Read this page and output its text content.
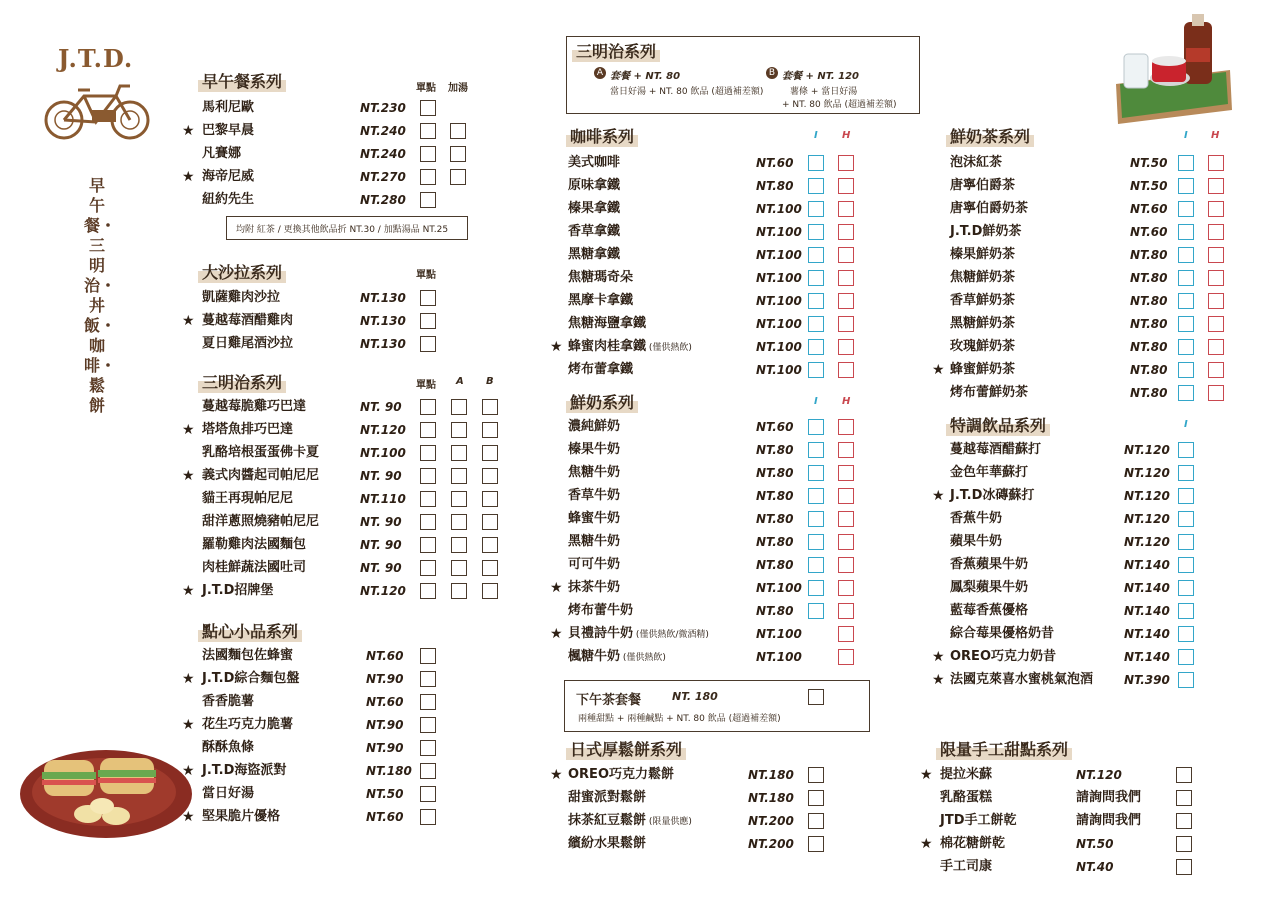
J.T.D.
早午餐・三明治・丼飯・咖啡・鬆餅
早午餐系列	單點 加湯
馬利尼歐	NT.230
★ 巴黎早晨	NT.240
凡賽娜	NT.240
★ 海帝尼威	NT.270
紐約先生	NT.280
均附 紅茶 / 更換其他飲品折 NT.30 / 加點湯品 NT.25
大沙拉系列	單點
凱薩雞肉沙拉	NT.130
★ 蔓越莓酒醋雞肉	NT.130
夏日雞尾酒沙拉	NT.130
三明治系列	單點 A B
蔓越莓脆雞巧巴達	NT. 90
★ 塔塔魚排巧巴達	NT.120
乳酪培根蛋蛋佛卡夏	NT.100
★ 義式肉醬起司帕尼尼	NT. 90
貓王再現帕尼尼	NT.110
甜洋蔥照燒豬帕尼尼	NT. 90
羅勒雞肉法國麵包	NT. 90
肉桂鮮蔬法國吐司	NT. 90
★ J.T.D招牌堡	NT.120
點心小品系列
法國麵包佐蜂蜜	NT.60
★ J.T.D綜合麵包盤	NT.90
香香脆薯	NT.60
★ 花生巧克力脆薯	NT.90
酥酥魚條	NT.90
★ J.T.D海盜派對	NT.180
當日好湯	NT.50
★ 堅果脆片優格	NT.60
三明治系列
A 套餐 + NT. 80
當日好湯 + NT. 80 飲品 (超過補差額)
B 套餐 + NT. 120
薯條 + 當日好湯
+ NT. 80 飲品 (超過補差額)
咖啡系列	I H
美式咖啡	NT.60
原味拿鐵	NT.80
榛果拿鐵	NT.100
香草拿鐵	NT.100
黑糖拿鐵	NT.100
焦糖瑪奇朵	NT.100
黑摩卡拿鐵	NT.100
焦糖海鹽拿鐵	NT.100
★ 蜂蜜肉桂拿鐵 (僅供熱飲)	NT.100
烤布蕾拿鐵	NT.100
鮮奶系列	I H
濃純鮮奶	NT.60
榛果牛奶	NT.80
焦糖牛奶	NT.80
香草牛奶	NT.80
蜂蜜牛奶	NT.80
黑糖牛奶	NT.80
可可牛奶	NT.80
★ 抹茶牛奶	NT.100
烤布蕾牛奶	NT.80
★ 貝禮詩牛奶 (僅供熱飲/微酒精)	NT.100
楓糖牛奶 (僅供熱飲)	NT.100
下午茶套餐	NT. 180
兩種甜點 + 兩種鹹點 + NT. 80 飲品 (超過補差額)
日式厚鬆餅系列
★ OREO巧克力鬆餅	NT.180
甜蜜派對鬆餅	NT.180
抹茶紅豆鬆餅 (限量供應)	NT.200
繽紛水果鬆餅	NT.200
鮮奶茶系列	I H
泡沫紅茶	NT.50
唐寧伯爵茶	NT.50
唐寧伯爵奶茶	NT.60
J.T.D鮮奶茶	NT.60
榛果鮮奶茶	NT.80
焦糖鮮奶茶	NT.80
香草鮮奶茶	NT.80
黑糖鮮奶茶	NT.80
玫瑰鮮奶茶	NT.80
★ 蜂蜜鮮奶茶	NT.80
烤布蕾鮮奶茶	NT.80
特調飲品系列	I
蔓越莓酒醋蘇打	NT.120
金色年華蘇打	NT.120
★ J.T.D冰磚蘇打	NT.120
香蕉牛奶	NT.120
蘋果牛奶	NT.120
香蕉蘋果牛奶	NT.140
鳳梨蘋果牛奶	NT.140
藍莓香蕉優格	NT.140
綜合莓果優格奶昔	NT.140
★ OREO巧克力奶昔	NT.140
★ 法國克萊喜水蜜桃氣泡酒	NT.390
限量手工甜點系列
★ 提拉米蘇	NT.120
乳酪蛋糕	請詢問我們
JTD手工餅乾	請詢問我們
★ 棉花糖餅乾	NT.50
手工司康	NT.40
